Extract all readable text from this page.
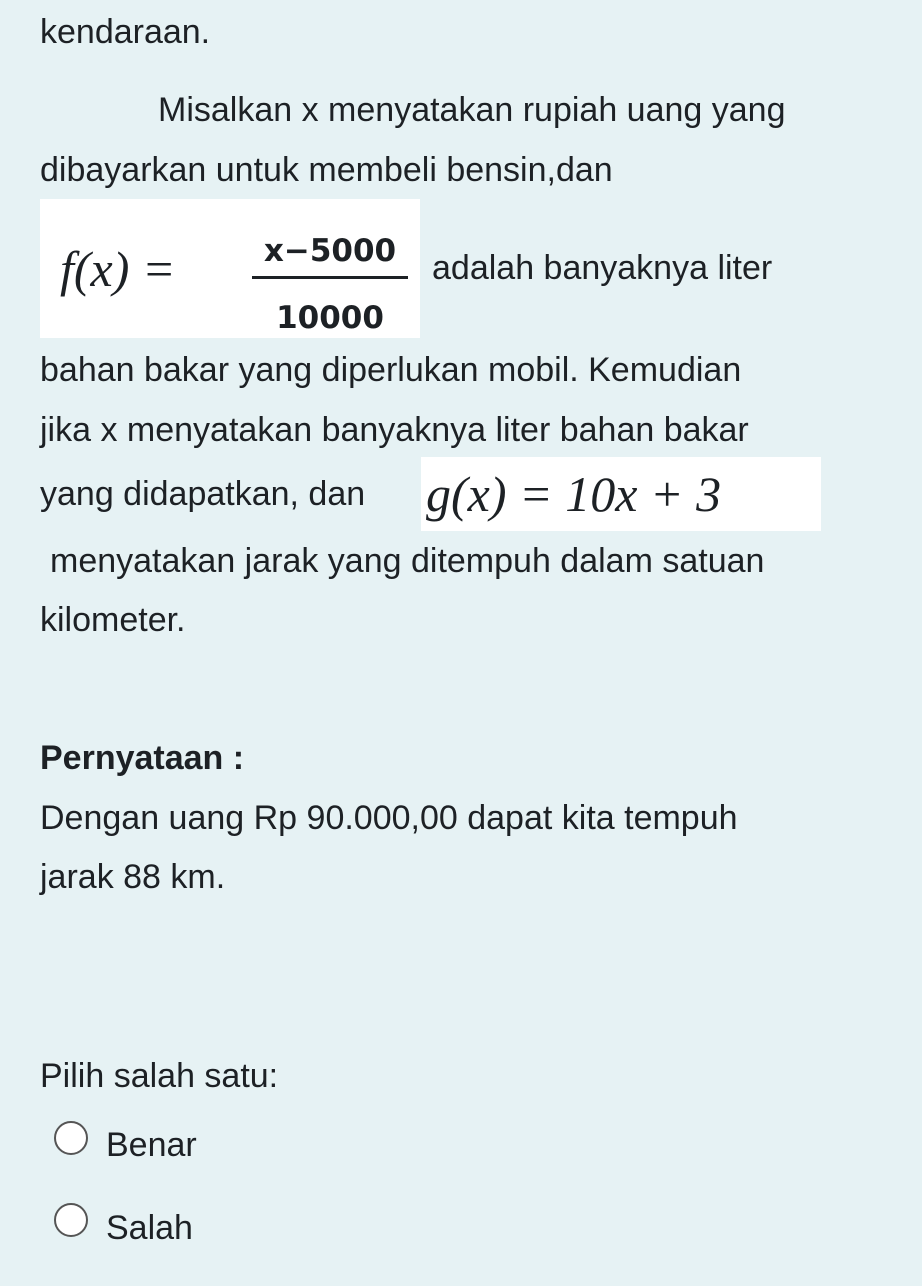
kendaraan.
Misalkan x menyatakan rupiah uang yang
dibayarkan untuk membeli bensin,dan
f(x) =	x−5000
10000
adalah banyaknya liter
bahan bakar yang diperlukan mobil. Kemudian
jika x menyatakan banyaknya liter bahan bakar
yang didapatkan, dan g(x) = 10x + 3
menyatakan jarak yang ditempuh dalam satuan
kilometer.
Pernyataan :
Dengan uang Rp 90.000,00 dapat kita tempuh
jarak 88 km.
Pilih salah satu:
Benar
Salah
